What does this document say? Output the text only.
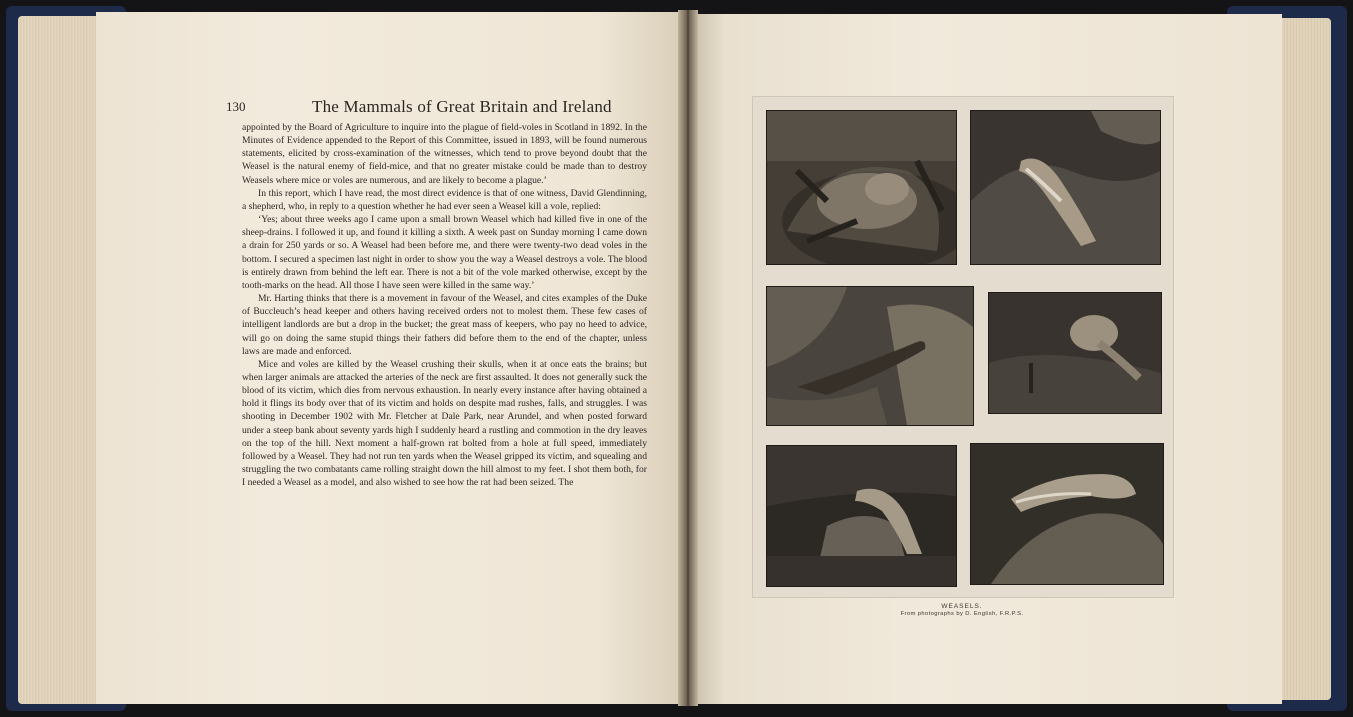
130	The Mammals of Great Britain and Ireland

appointed by the Board of Agriculture to inquire into the plague of field-voles in Scotland in 1892. In the Minutes of Evidence appended to the Report of this Committee, issued in 1893, will be found numerous statements, elicited by cross-examination of the witnesses, which tend to prove beyond doubt that the Weasel is the natural enemy of field-mice, and that no greater mistake could be made than to destroy Weasels where mice or voles are numerous, and are likely to become a plague.’

In this report, which I have read, the most direct evidence is that of one witness, David Glendinning, a shepherd, who, in reply to a question whether he had ever seen a Weasel kill a vole, replied:

‘Yes; about three weeks ago I came upon a small brown Weasel which had killed five in one of the sheep-drains. I followed it up, and found it killing a sixth. A week past on Sunday morning I came down a drain for 250 yards or so. A Weasel had been before me, and there were twenty-two dead voles in the bottom. I secured a specimen last night in order to show you the way a Weasel destroys a vole. The blood is entirely drawn from behind the left ear. There is not a bit of the vole marked otherwise, except by the tooth-marks on the head. All those I have seen were killed in the same way.’

Mr. Harting thinks that there is a movement in favour of the Weasel, and cites examples of the Duke of Buccleuch’s head keeper and others having received orders not to molest them. These few cases of intelligent landlords are but a drop in the bucket; the great mass of keepers, who pay no heed to advice, will go on doing the same stupid things their fathers did before them to the end of the chapter, unless laws are made and enforced.

Mice and voles are killed by the Weasel crushing their skulls, when it at once eats the brains; but when larger animals are attacked the arteries of the neck are first assaulted. It does not generally suck the blood of its victim, which dies from nervous exhaustion. In nearly every instance after having obtained a hold it flings its body over that of its victim and holds on despite mad rushes, falls, and struggles. I was shooting in December 1902 with Mr. Fletcher at Dale Park, near Arundel, and when posted forward under a steep bank about seventy yards high I suddenly heard a rustling and commotion in the dry leaves on the top of the hill. Next moment a half-grown rat bolted from a hole at full speed, immediately followed by a Weasel. They had not run ten yards when the Weasel gripped its victim, and squealing and struggling the two combatants came rolling straight down the hill almost to my feet. I shot them both, for I needed a Weasel as a model, and also wished to see how the rat had been seized. The

WEASELS.
From photographs by D. English, F.R.P.S.
